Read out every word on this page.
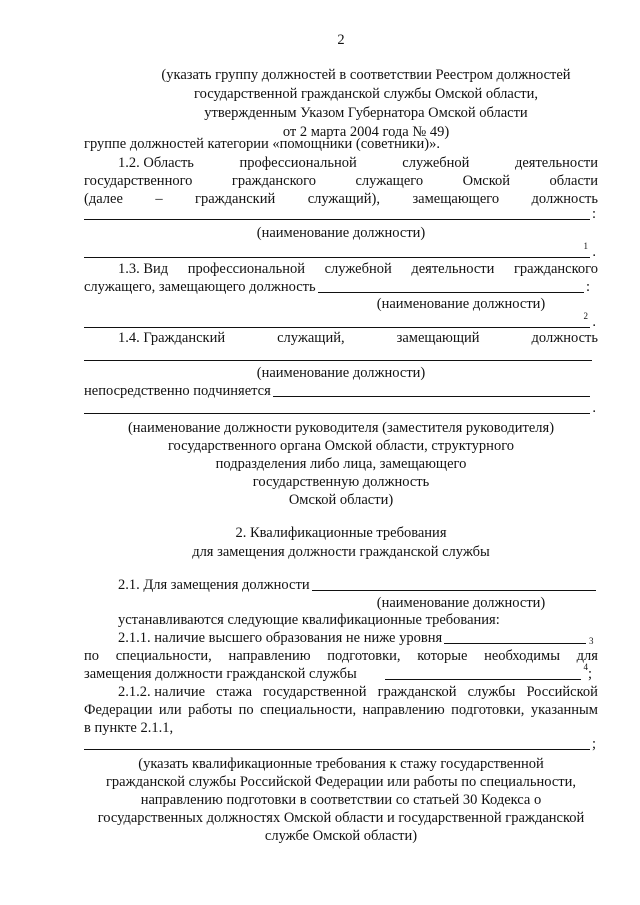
2
(указать группу должностей в соответствии Реестром должностей
государственной гражданской службы Омской области,
утвержденным Указом Губернатора Омской области
от 2 марта 2004 года № 49)
группе должностей категории «помощники (советники)».
1.2. Область	профессиональной	служебной	деятельности
государственного	гражданского	служащего	Омской	области
(далее – гражданский служащий), замещающего должность
:
(наименование должности)
1 .
1.3. Вид профессиональной служебной деятельности гражданского
служащего, замещающего должность	:
(наименование должности)
2 .
1.4. Гражданский	служащий,	замещающий	должность
(наименование должности)
непосредственно подчиняется
.
(наименование должности руководителя (заместителя руководителя)
государственного органа Омской области, структурного
подразделения либо лица, замещающего
государственную должность
Омской области)
2. Квалификационные требования
для замещения должности гражданской службы
2.1. Для замещения должности
(наименование должности)
устанавливаются следующие квалификационные требования:
2.1.1. наличие высшего образования не ниже уровня	3
по специальности, направлению подготовки, которые необходимы для
замещения должности гражданской службы	4 ;
2.1.2. наличие стажа государственной гражданской службы Российской
Федерации или работы по специальности, направлению подготовки, указанным
в пункте 2.1.1,
;
(указать квалификационные требования к стажу государственной
гражданской службы Российской Федерации или работы по специальности,
направлению подготовки в соответствии со статьей 30 Кодекса о
государственных должностях Омской области и государственной гражданской
службе Омской области)
